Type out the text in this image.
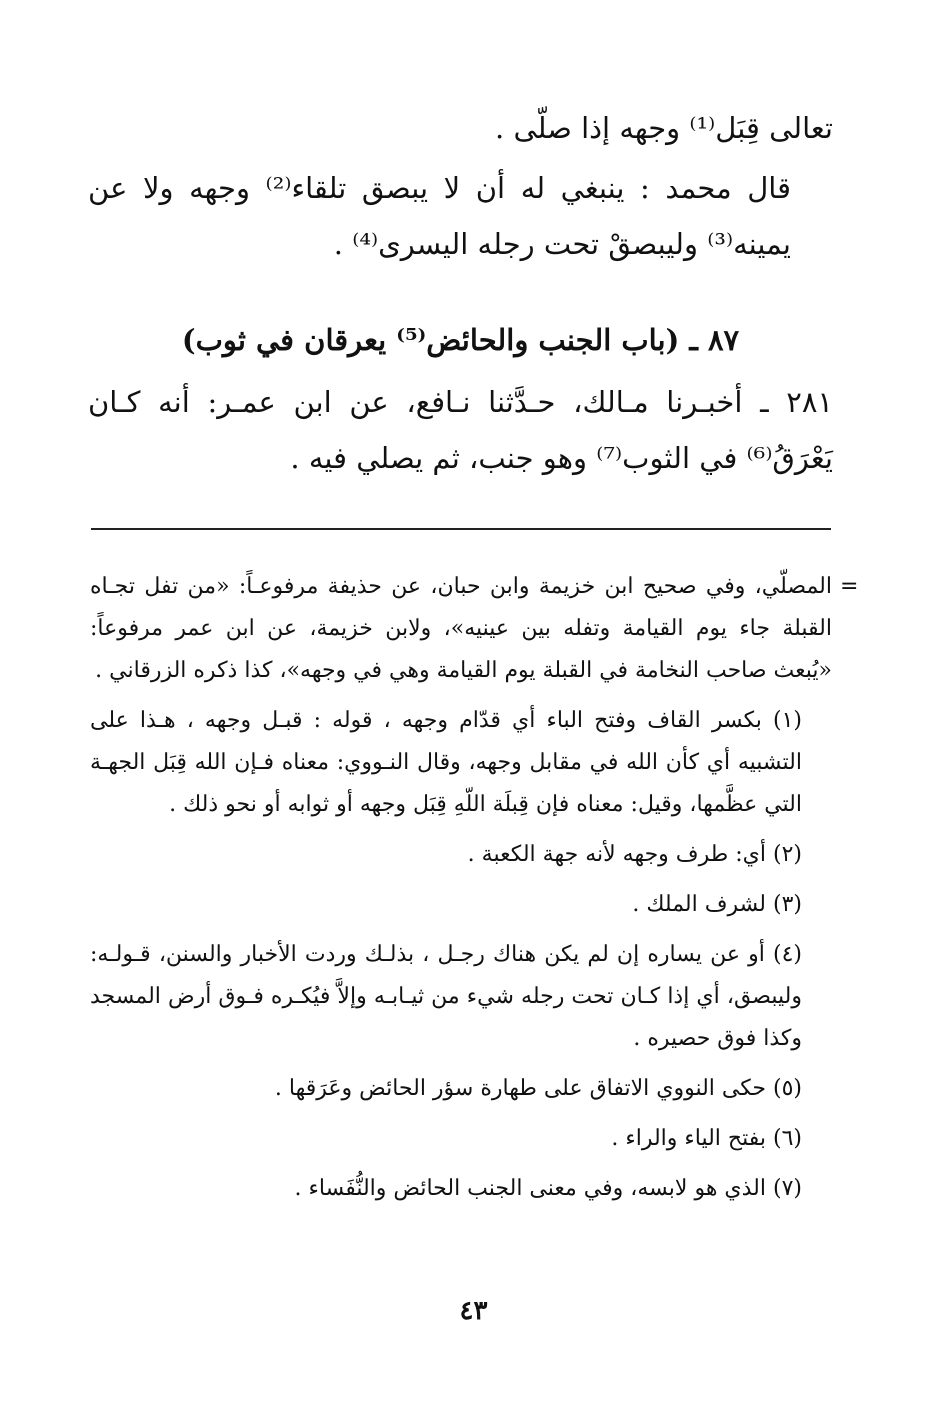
تعالى قِبَل⁽¹⁾ وجهه إذا صلّى .

قال محمد : ينبغي له أن لا يبصق تلقاء⁽²⁾ وجهه ولا عن يمينه⁽³⁾ وليبصقْ تحت رجله اليسرى⁽⁴⁾ .

٨٧ ـ (باب الجنب والحائض⁽⁵⁾ يعرقان في ثوب)

٢٨١ ـ أخبـرنا مـالك، حـدَّثنا نـافع، عن ابن عمـر: أنه كـان يَعْرَقُ⁽⁶⁾ في الثوب⁽⁷⁾ وهو جنب، ثم يصلي فيه .

=

المصلّي، وفي صحيح ابن خزيمة وابن حبان، عن حذيفة مرفوعـاً: «من تفل تجـاه القبلة جاء يوم القيامة وتفله بين عينيه»، ولابن خزيمة، عن ابن عمر مرفوعاً: «يُبعث صاحب النخامة في القبلة يوم القيامة وهي في وجهه»، كذا ذكره الزرقاني .

(١) بكسر القاف وفتح الباء أي قدّام وجهه ، قوله : قبـل وجهه ، هـذا على التشبيه أي كأن الله في مقابل وجهه، وقال النـووي: معناه فـإن الله قِبَل الجهـة التي عظَّمها، وقيل: معناه فإن قِبلَة اللّهِ قِبَل وجهه أو ثوابه أو نحو ذلك .

(٢) أي: طرف وجهه لأنه جهة الكعبة .

(٣) لشرف الملك .

(٤) أو عن يساره إن لم يكن هناك رجـل ، بذلـك وردت الأخبار والسنن، قـولـه: وليبصق، أي إذا كـان تحت رجله شيء من ثيـابـه وإلاَّ فيُكـره فـوق أرض المسجد وكذا فوق حصيره .

(٥) حكى النووي الاتفاق على طهارة سؤر الحائض وعَرَقها .

(٦) بفتح الياء والراء .

(٧) الذي هو لابسه، وفي معنى الجنب الحائض والنُّفَساء .

٤٣
